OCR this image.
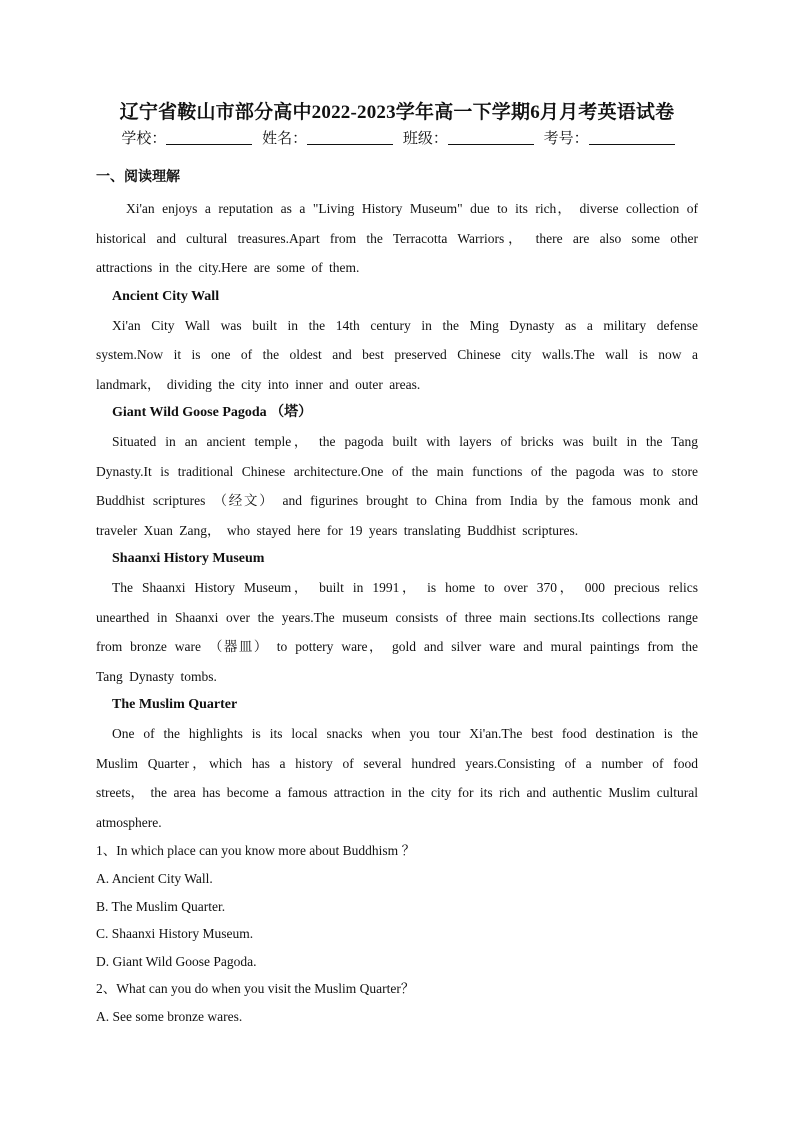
辽宁省鞍山市部分高中2022-2023学年高一下学期6月月考英语试卷
学校：	姓名：	班级：	考号：
一、阅读理解

Xi'an enjoys a reputation as a "Living History Museum" due to its rich， diverse collection of historical and cultural treasures.Apart from the Terracotta Warriors， there are also some other attractions in the city.Here are some of them.

Ancient City Wall

Xi'an City Wall was built in the 14th century in the Ming Dynasty as a military defense system.Now it is one of the oldest and best preserved Chinese city walls.The wall is now a landmark， dividing the city into inner and outer areas.

Giant Wild Goose Pagoda （塔）

Situated in an ancient temple， the pagoda built with layers of bricks was built in the Tang Dynasty.It is traditional Chinese architecture.One of the main functions of the pagoda was to store Buddhist scriptures （经文） and figurines brought to China from India by the famous monk and traveler Xuan Zang， who stayed here for 19 years translating Buddhist scriptures.

Shaanxi History Museum

The Shaanxi History Museum， built in 1991， is home to over 370， 000 precious relics unearthed in Shaanxi over the years.The museum consists of three main sections.Its collections range from bronze ware （器皿） to pottery ware， gold and silver ware and mural paintings from the Tang Dynasty tombs.

The Muslim Quarter

One of the highlights is its local snacks when you tour Xi'an.The best food destination is the Muslim Quarter，which has a history of several hundred years.Consisting of a number of food streets， the area has become a famous attraction in the city for its rich and authentic Muslim cultural atmosphere.

1、In which place can you know more about Buddhism ？

A. Ancient City Wall.

B. The Muslim Quarter.

C. Shaanxi History Museum.

D. Giant Wild Goose Pagoda.

2、What can you do when you visit the Muslim Quarter？

A. See some bronze wares.
